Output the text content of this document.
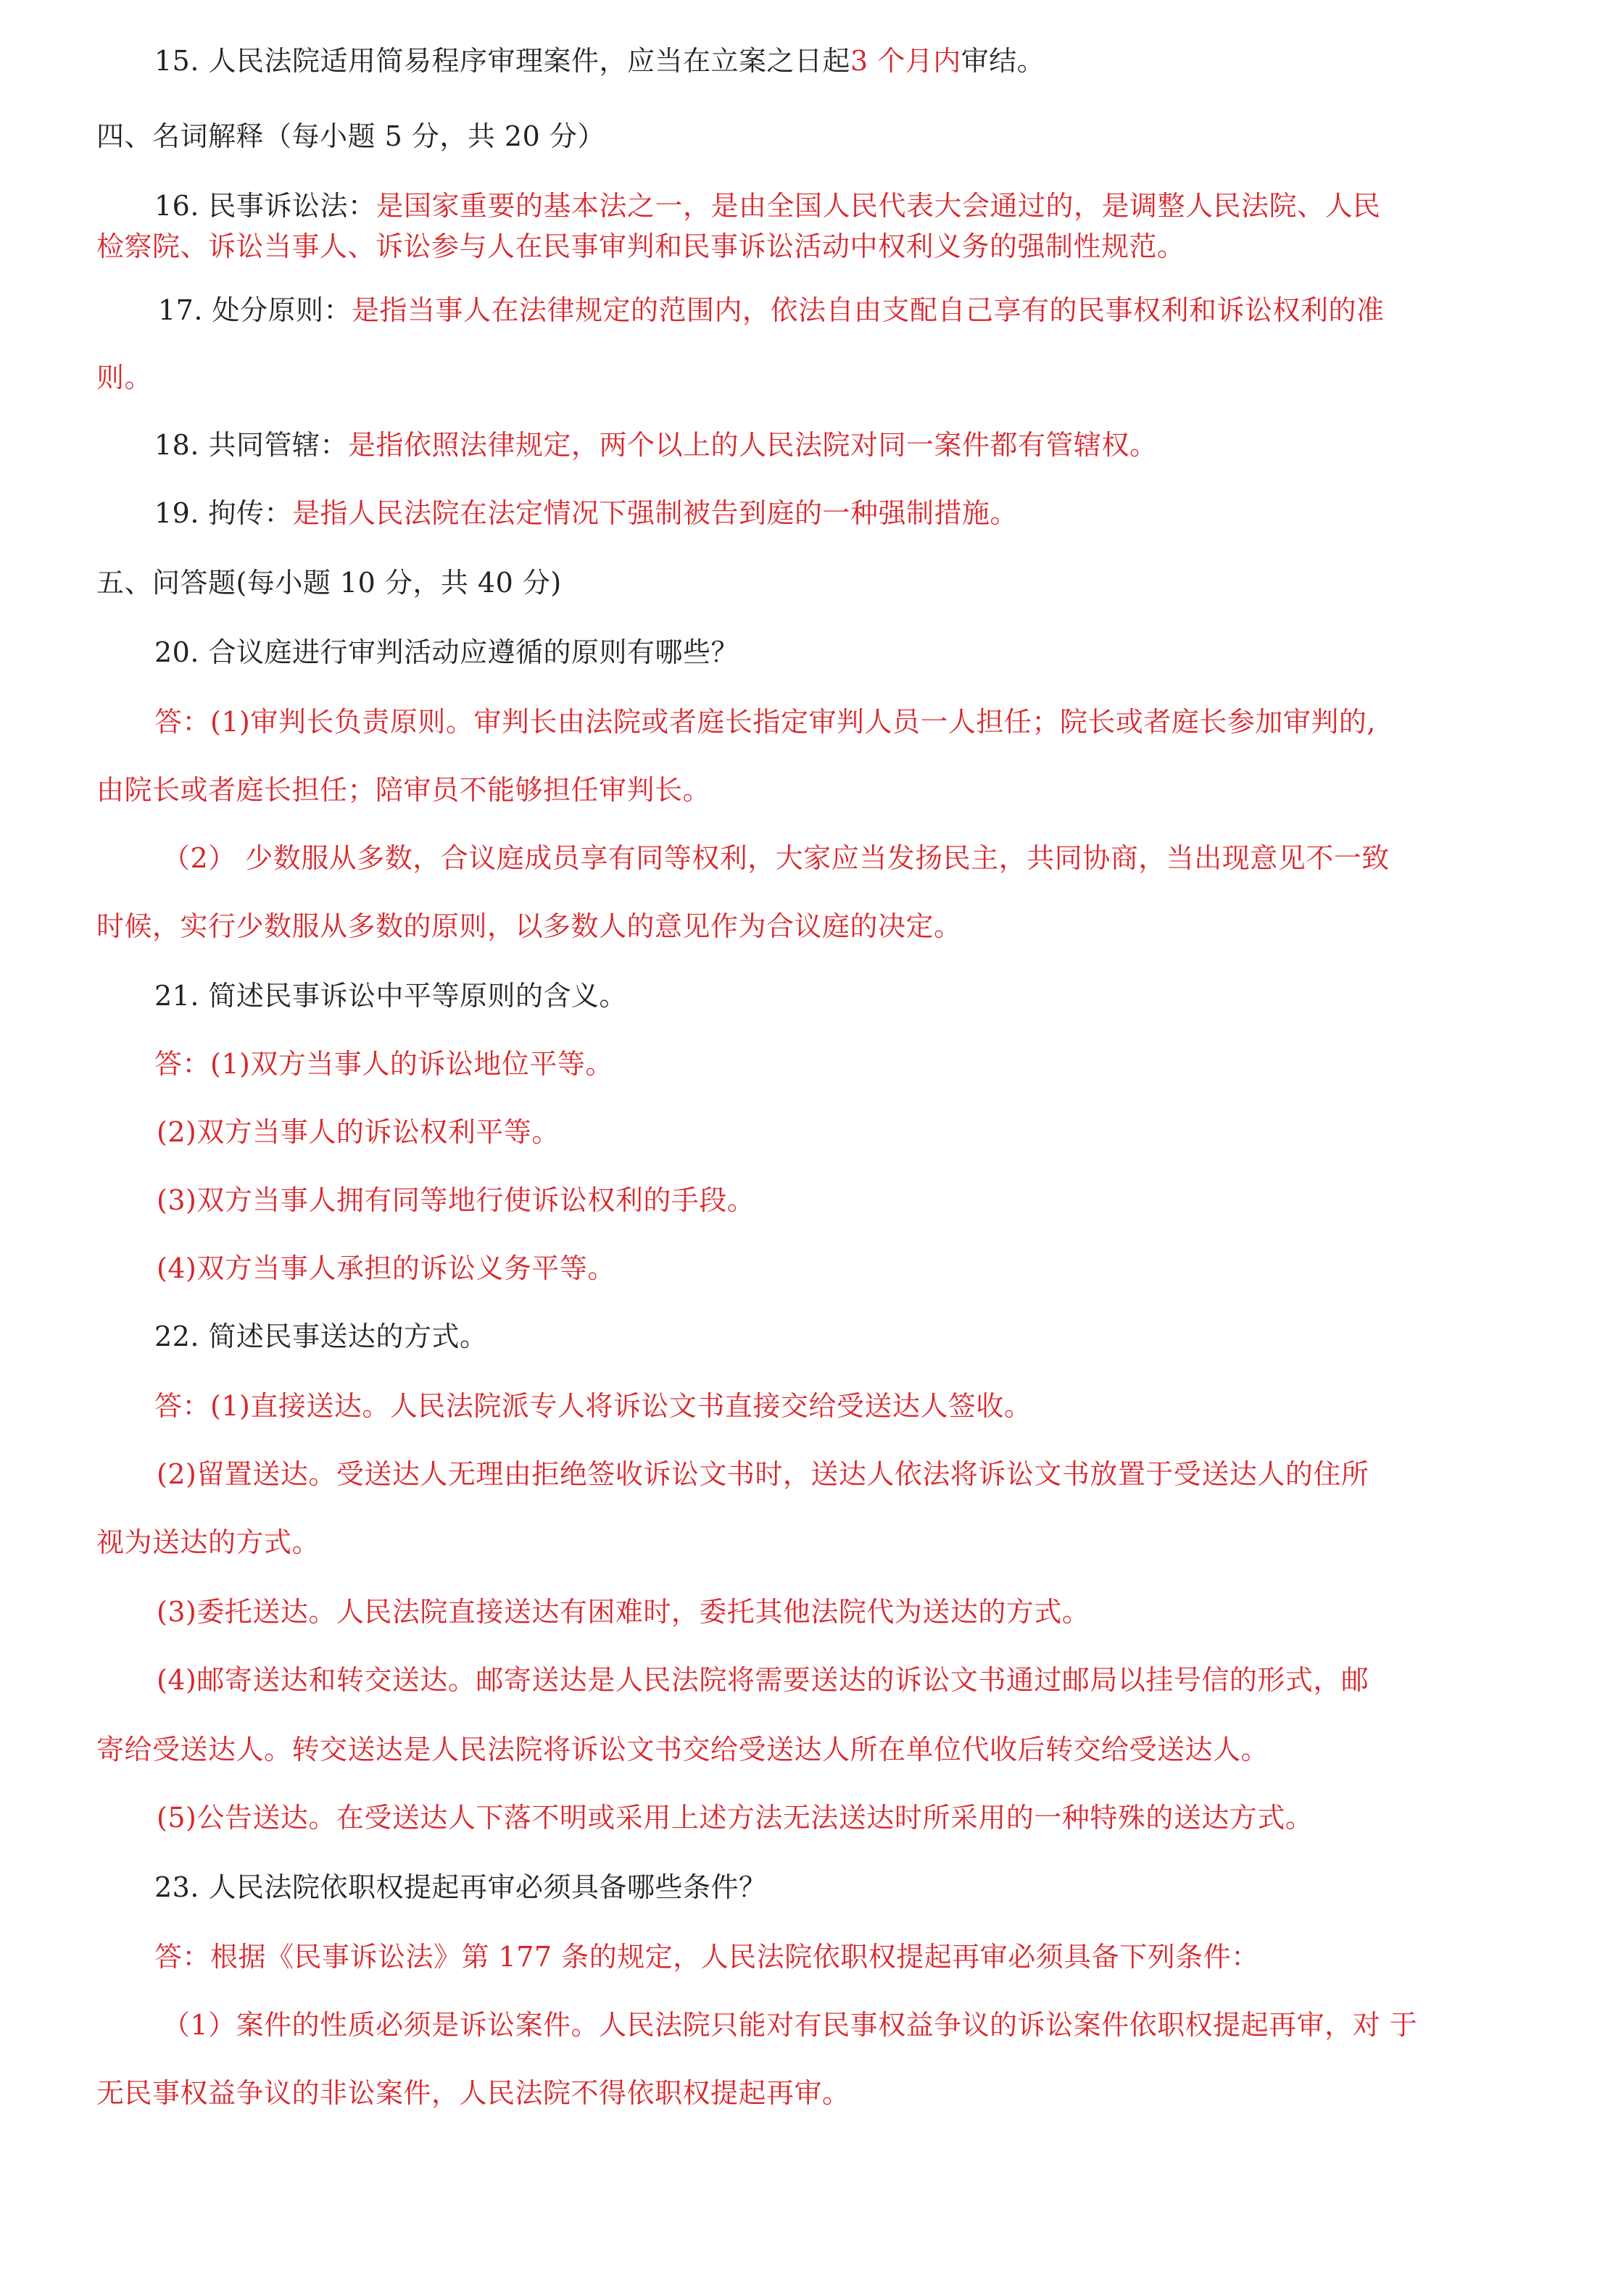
15. 人民法院适用简易程序审理案件，应当在立案之日起3 个月内审结。
四、名词解释（每小题 5 分，共 20 分）
16. 民事诉讼法：是国家重要的基本法之一，是由全国人民代表大会通过的，是调整人民法院、人民
检察院、诉讼当事人、诉讼参与人在民事审判和民事诉讼活动中权利义务的强制性规范。
17. 处分原则：是指当事人在法律规定的范围内，依法自由支配自己享有的民事权利和诉讼权利的准
则。
18. 共同管辖：是指依照法律规定，两个以上的人民法院对同一案件都有管辖权。
19. 拘传：是指人民法院在法定情况下强制被告到庭的一种强制措施。
五、问答题(每小题 10 分，共 40 分)
20. 合议庭进行审判活动应遵循的原则有哪些？
答：(1)审判长负责原则。审判长由法院或者庭长指定审判人员一人担任；院长或者庭长参加审判的,
由院长或者庭长担任；陪审员不能够担任审判长。
（2） 少数服从多数，合议庭成员享有同等权利，大家应当发扬民主，共同协商，当出现意见不一致
时候，实行少数服从多数的原则，以多数人的意见作为合议庭的决定。
21. 简述民事诉讼中平等原则的含义。
答：(1)双方当事人的诉讼地位平等。
(2)双方当事人的诉讼权利平等。
(3)双方当事人拥有同等地行使诉讼权利的手段。
(4)双方当事人承担的诉讼义务平等。
22. 简述民事送达的方式。
答：(1)直接送达。人民法院派专人将诉讼文书直接交给受送达人签收。
(2)留置送达。受送达人无理由拒绝签收诉讼文书时，送达人依法将诉讼文书放置于受送达人的住所
视为送达的方式。
(3)委托送达。人民法院直接送达有困难时，委托其他法院代为送达的方式。
(4)邮寄送达和转交送达。邮寄送达是人民法院将需要送达的诉讼文书通过邮局以挂号信的形式，邮
寄给受送达人。转交送达是人民法院将诉讼文书交给受送达人所在单位代收后转交给受送达人。
(5)公告送达。在受送达人下落不明或采用上述方法无法送达时所采用的一种特殊的送达方式。
23. 人民法院依职权提起再审必须具备哪些条件？
答：根据《民事诉讼法》第 177 条的规定，人民法院依职权提起再审必须具备下列条件：
（1）案件的性质必须是诉讼案件。人民法院只能对有民事权益争议的诉讼案件依职权提起再审，对 于
无民事权益争议的非讼案件，人民法院不得依职权提起再审。
